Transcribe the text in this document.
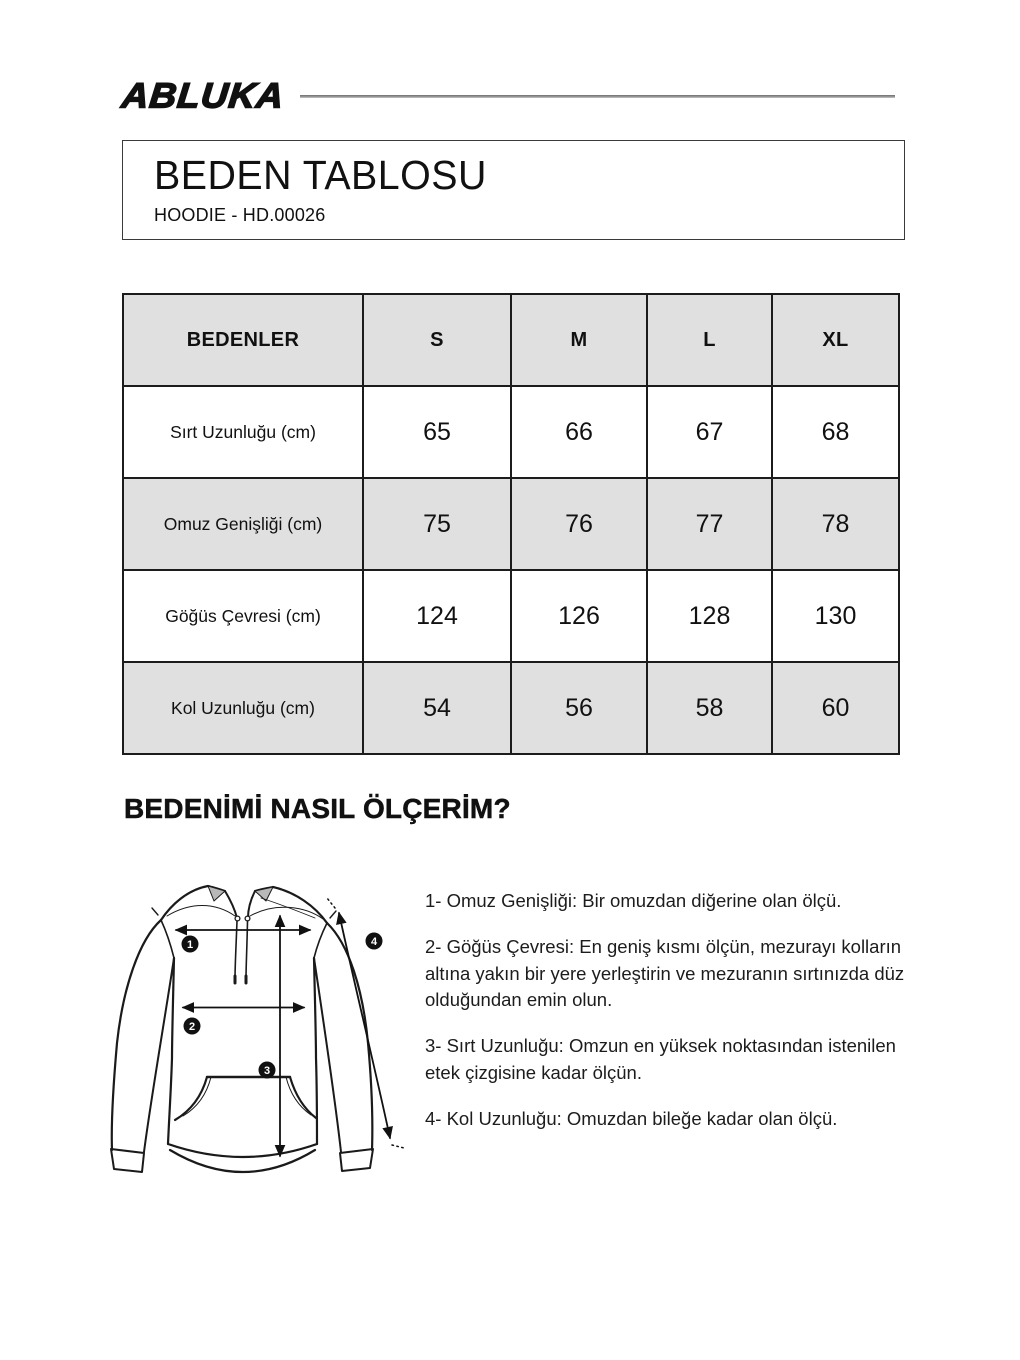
ABLUKA
BEDEN TABLOSU
HOODIE - HD.00026
BEDENLER	S	M	L	XL
Sırt Uzunluğu (cm)	65	66	67	68
Omuz Genişliği (cm)	75	76	77	78
Göğüs Çevresi (cm)	124	126	128	130
Kol Uzunluğu (cm)	54	56	58	60
BEDENİMİ NASIL ÖLÇERİM?
1
2
3
4

1- Omuz Genişliği: Bir omuzdan diğerine olan ölçü.

2- Göğüs Çevresi: En geniş kısmı ölçün, mezurayı kolların altına yakın bir yere yerleştirin ve mezuranın sırtınızda düz olduğundan emin olun.

3- Sırt Uzunluğu: Omzun en yüksek noktasından istenilen etek çizgisine kadar ölçün.

4- Kol Uzunluğu: Omuzdan bileğe kadar olan ölçü.
